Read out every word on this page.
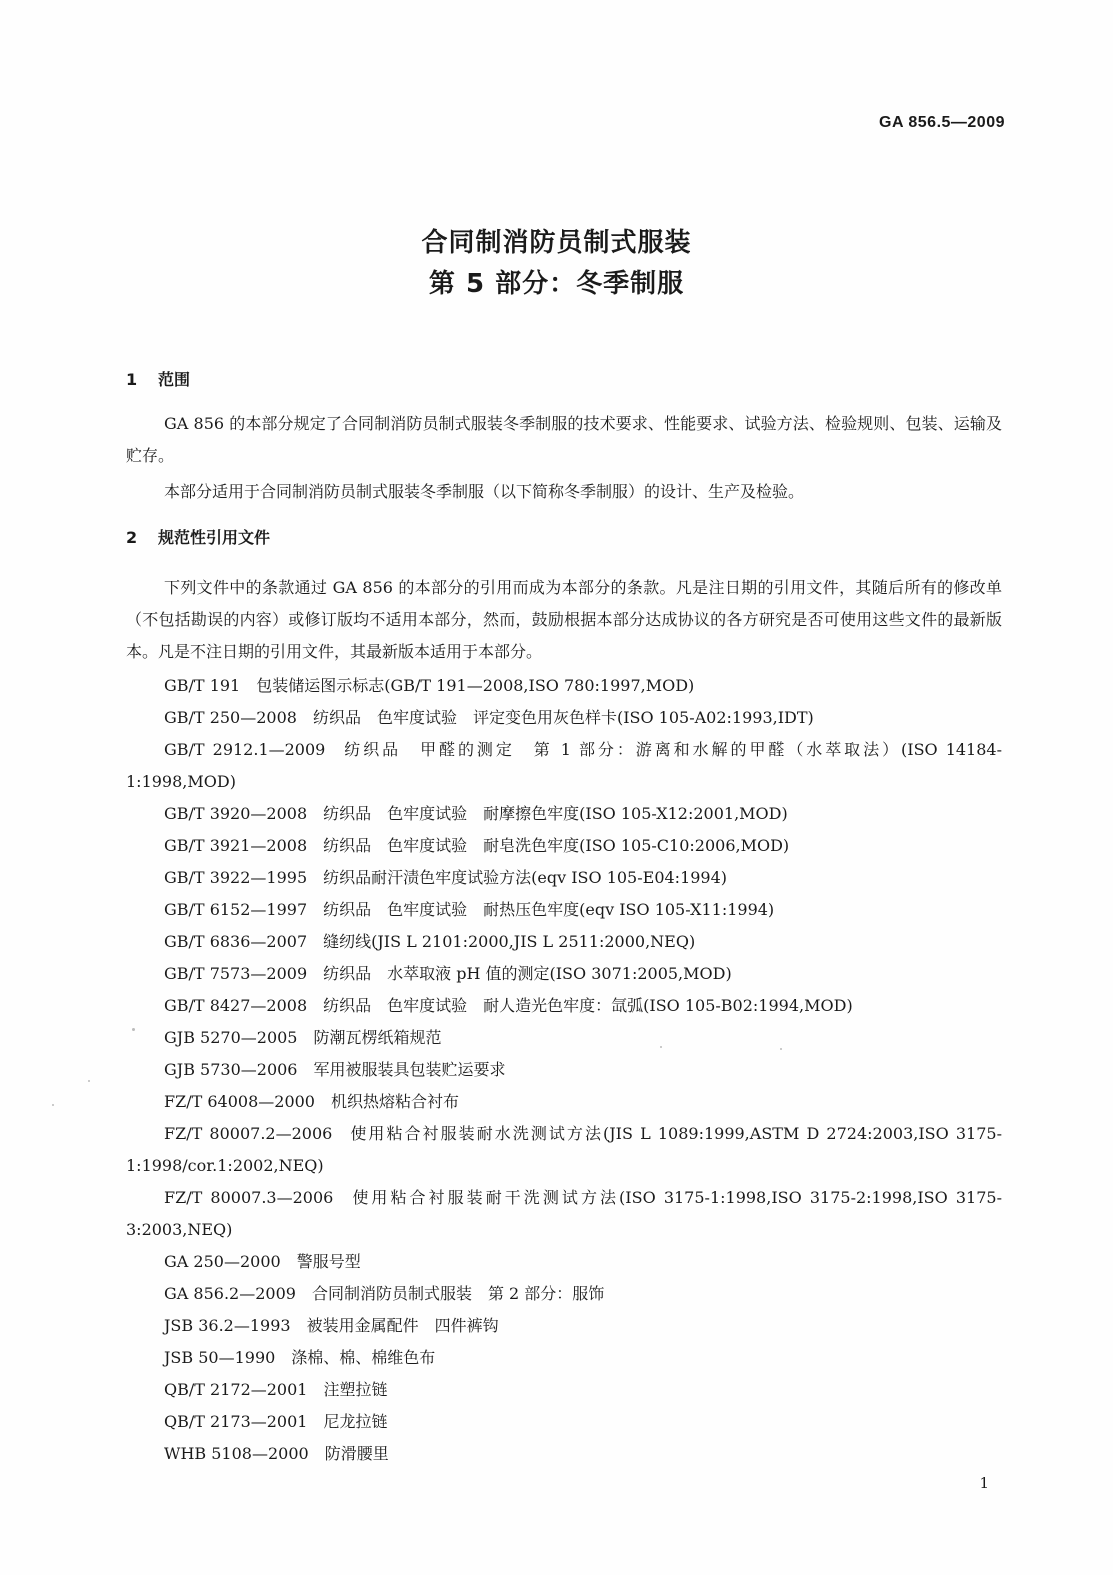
GA 856.5—2009
合同制消防员制式服装
第 5 部分：冬季制服
1 范围

GA 856 的本部分规定了合同制消防员制式服装冬季制服的技术要求、性能要求、试验方法、检验规则、包装、运输及贮存。

本部分适用于合同制消防员制式服装冬季制服（以下简称冬季制服）的设计、生产及检验。

2 规范性引用文件

下列文件中的条款通过 GA 856 的本部分的引用而成为本部分的条款。凡是注日期的引用文件，其随后所有的修改单（不包括勘误的内容）或修订版均不适用本部分，然而，鼓励根据本部分达成协议的各方研究是否可使用这些文件的最新版本。凡是不注日期的引用文件，其最新版本适用于本部分。

GB/T 191 包装储运图示标志(GB/T 191—2008,ISO 780:1997,MOD)
GB/T 250—2008 纺织品　色牢度试验　评定变色用灰色样卡(ISO 105-A02:1993,IDT)
GB/T 2912.1—2009 纺织品　甲醛的测定　第 1 部分：游离和水解的甲醛（水萃取法）(ISO 14184-1:1998,MOD)
GB/T 3920—2008 纺织品　色牢度试验　耐摩擦色牢度(ISO 105-X12:2001,MOD)
GB/T 3921—2008 纺织品　色牢度试验　耐皂洗色牢度(ISO 105-C10:2006,MOD)
GB/T 3922—1995 纺织品耐汗渍色牢度试验方法(eqv ISO 105-E04:1994)
GB/T 6152—1997 纺织品　色牢度试验　耐热压色牢度(eqv ISO 105-X11:1994)
GB/T 6836—2007 缝纫线(JIS L 2101:2000,JIS L 2511:2000,NEQ)
GB/T 7573—2009 纺织品　水萃取液 pH 值的测定(ISO 3071:2005,MOD)
GB/T 8427—2008 纺织品　色牢度试验　耐人造光色牢度：氙弧(ISO 105-B02:1994,MOD)
GJB 5270—2005 防潮瓦楞纸箱规范
GJB 5730—2006 军用被服装具包装贮运要求
FZ/T 64008—2000 机织热熔粘合衬布
FZ/T 80007.2—2006 使用粘合衬服装耐水洗测试方法(JIS L 1089:1999,ASTM D 2724:2003,ISO 3175-1:1998/cor.1:2002,NEQ)
FZ/T 80007.3—2006 使用粘合衬服装耐干洗测试方法(ISO 3175-1:1998,ISO 3175-2:1998,ISO 3175-3:2003,NEQ)
GA 250—2000 警服号型
GA 856.2—2009 合同制消防员制式服装　第 2 部分：服饰
JSB 36.2—1993 被装用金属配件　四件裤钩
JSB 50—1990 涤棉、棉、棉维色布
QB/T 2172—2001 注塑拉链
QB/T 2173—2001 尼龙拉链
WHB 5108—2000 防滑腰里
1
